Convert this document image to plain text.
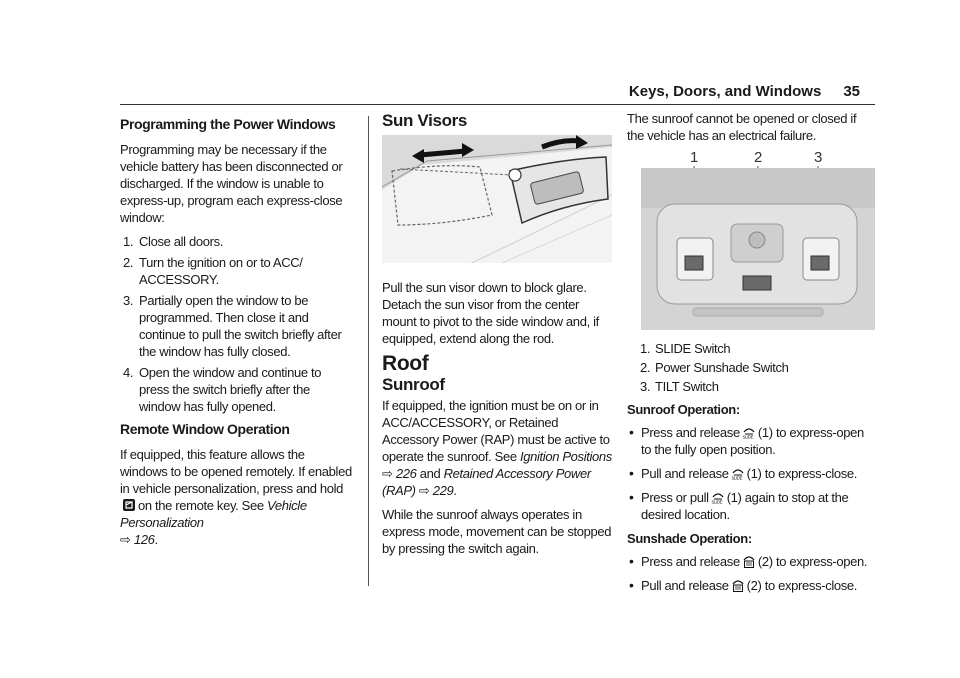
Keys, Doors, and Windows 35
Programming the Power Windows

Programming may be necessary if the vehicle battery has been disconnected or discharged. If the window is unable to express-up, program each express-close window:

1. Close all doors.
2. Turn the ignition on or to ACC/ ACCESSORY.
3. Partially open the window to be programmed. Then close it and continue to pull the switch briefly after the window has fully closed.
4. Open the window and continue to press the switch briefly after the window has fully opened.
Remote Window Operation

If equipped, this feature allows the windows to be opened remotely. If enabled in vehicle personalization, press and hold on the remote key. See Vehicle Personalization
⇨ 126.

Sun Visors

Pull the sun visor down to block glare. Detach the sun visor from the center mount to pivot to the side window and, if equipped, extend along the rod.

Roof
Sunroof

If equipped, the ignition must be on or in ACC/ACCESSORY, or Retained Accessory Power (RAP) must be active to operate the sunroof. See Ignition Positions ⇨ 226 and Retained Accessory Power (RAP) ⇨ 229.

While the sunroof always operates in express mode, movement can be stopped by pressing the switch again.

The sunroof cannot be opened or closed if the vehicle has an electrical failure.

1	2	3
1. SLIDE Switch
2. Power Sunshade Switch
3. TILT Switch
Sunroof Operation:
• Press and release SLIDE (1) to express-open to the fully open position.
• Pull and release SLIDE (1) to express-close.
• Press or pull SLIDE (1) again to stop at the desired location.
Sunshade Operation:
• Press and release (2) to express-open.
• Pull and release (2) to express-close.
